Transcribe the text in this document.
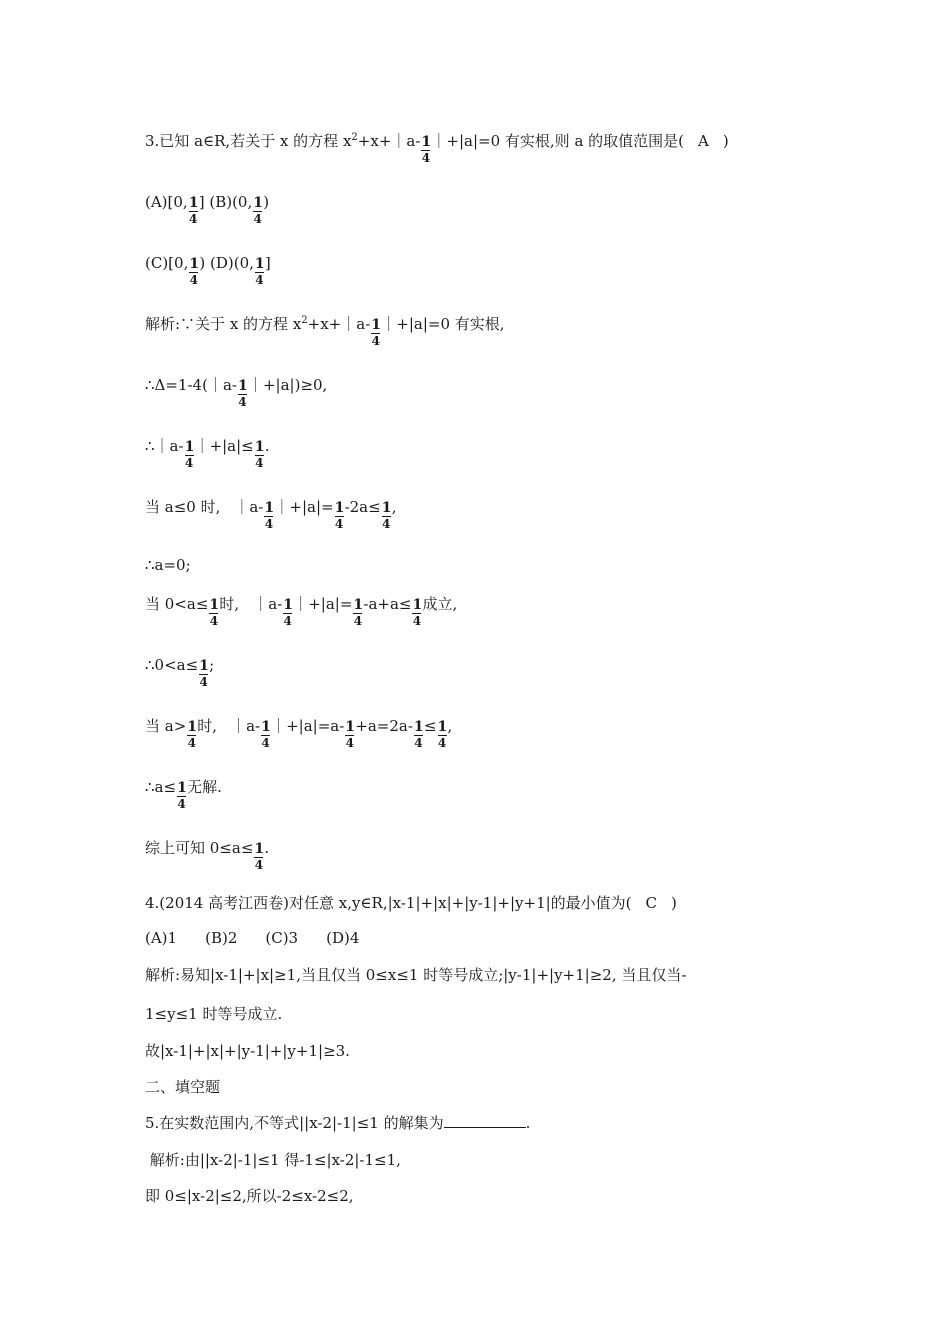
3.已知 a∈R,若关于 x 的方程 $x^2+x+|a- \frac{1}{4}$ ｜+|a|=0 有实根,则 a 的取值范围是( A )
(A)[0, $\frac{1}{4}$ ] (B)(0, $\frac{1}{4}$ )
(C)[0, $\frac{1}{4}$ ) (D)(0, $\frac{1}{4}$ ]
解析:∵关于 x 的方程 $x^2+x+|a- \frac{1}{4}$ ｜+|a|=0 有实根,
∴Δ=1-4(｜a- $\frac{1}{4}$ ｜+|a|)≥0,
∴｜a- $\frac{1}{4}$ ｜+|a|≤ $\frac{1}{4}$ .
当 a≤0 时, ｜a- $\frac{1}{4}$ ｜+|a|= $\frac{1}{4} -2a\le \frac{1}{4}$ ,
∴a=0;
当 $0<a\le \frac{1}{4}$ 时, ｜a- $\frac{1}{4}$ ｜+|a|= $\frac{1}{4} -a+a\le \frac{1}{4}$ 成立,
∴0<a≤ $\frac{1}{4}$ ;
当 $a> \frac{1}{4}$ 时, ｜a- $\frac{1}{4}$ ｜+|a|=a- $\frac{1}{4} +a=2a- \frac{1}{4} \le \frac{1}{4}$ ,
∴a≤ $\frac{1}{4}$ 无解.
综上可知 $0\le a\le \frac{1}{4}$ .
4.(2014 高考江西卷)对任意 x,y∈R,|x-1|+|x|+|y-1|+|y+1|的最小值为( C )
(A)1 (B)2 (C)3 (D)4
解析:易知|x-1|+|x|≥1,当且仅当 0≤x≤1 时等号成立;|y-1|+|y+1|≥2, 当且仅当-
1≤y≤1 时等号成立.
故|x-1|+|x|+|y-1|+|y+1|≥3.
二、填空题
5.在实数范围内,不等式||x-2|-1|≤1 的解集为	.
解析:由||x-2|-1|≤1 得-1≤|x-2|-1≤1,
即 0≤|x-2|≤2,所以-2≤x-2≤2,
